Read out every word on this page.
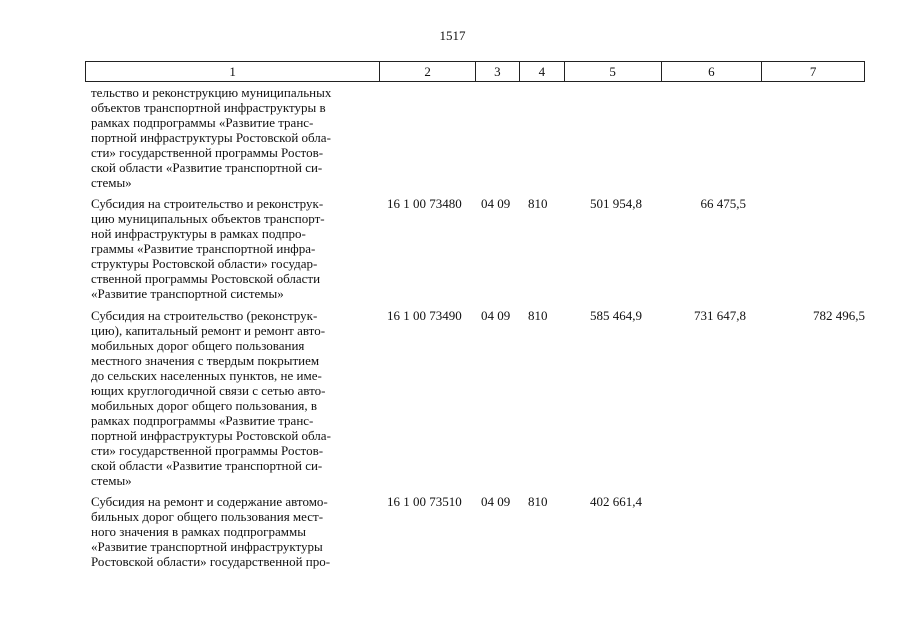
1517
1	2	3	4	5	6	7
тельство и реконструкцию муниципальных
объектов транспортной инфраструктуры в
рамках подпрограммы «Развитие транс-
портной инфраструктуры Ростовской обла-
сти» государственной программы Ростов-
ской области «Развитие транспортной си-
стемы»
Субсидия на строительство и реконструк-
цию муниципальных объектов транспорт-
ной инфраструктуры в рамках подпро-
граммы «Развитие транспортной инфра-
структуры Ростовской области» государ-
ственной программы Ростовской области
«Развитие транспортной системы»
16 1 00 73480	04 09	810	501 954,8	66 475,5
Субсидия на строительство (реконструк-
цию), капитальный ремонт и ремонт авто-
мобильных дорог общего пользования
местного значения с твердым покрытием
до сельских населенных пунктов, не име-
ющих круглогодичной связи с сетью авто-
мобильных дорог общего пользования, в
рамках подпрограммы «Развитие транс-
портной инфраструктуры Ростовской обла-
сти» государственной программы Ростов-
ской области «Развитие транспортной си-
стемы»
16 1 00 73490	04 09	810	585 464,9	731 647,8	782 496,5
Субсидия на ремонт и содержание автомо-
бильных дорог общего пользования мест-
ного значения в рамках подпрограммы
«Развитие транспортной инфраструктуры
Ростовской области» государственной про-
16 1 00 73510	04 09	810	402 661,4
